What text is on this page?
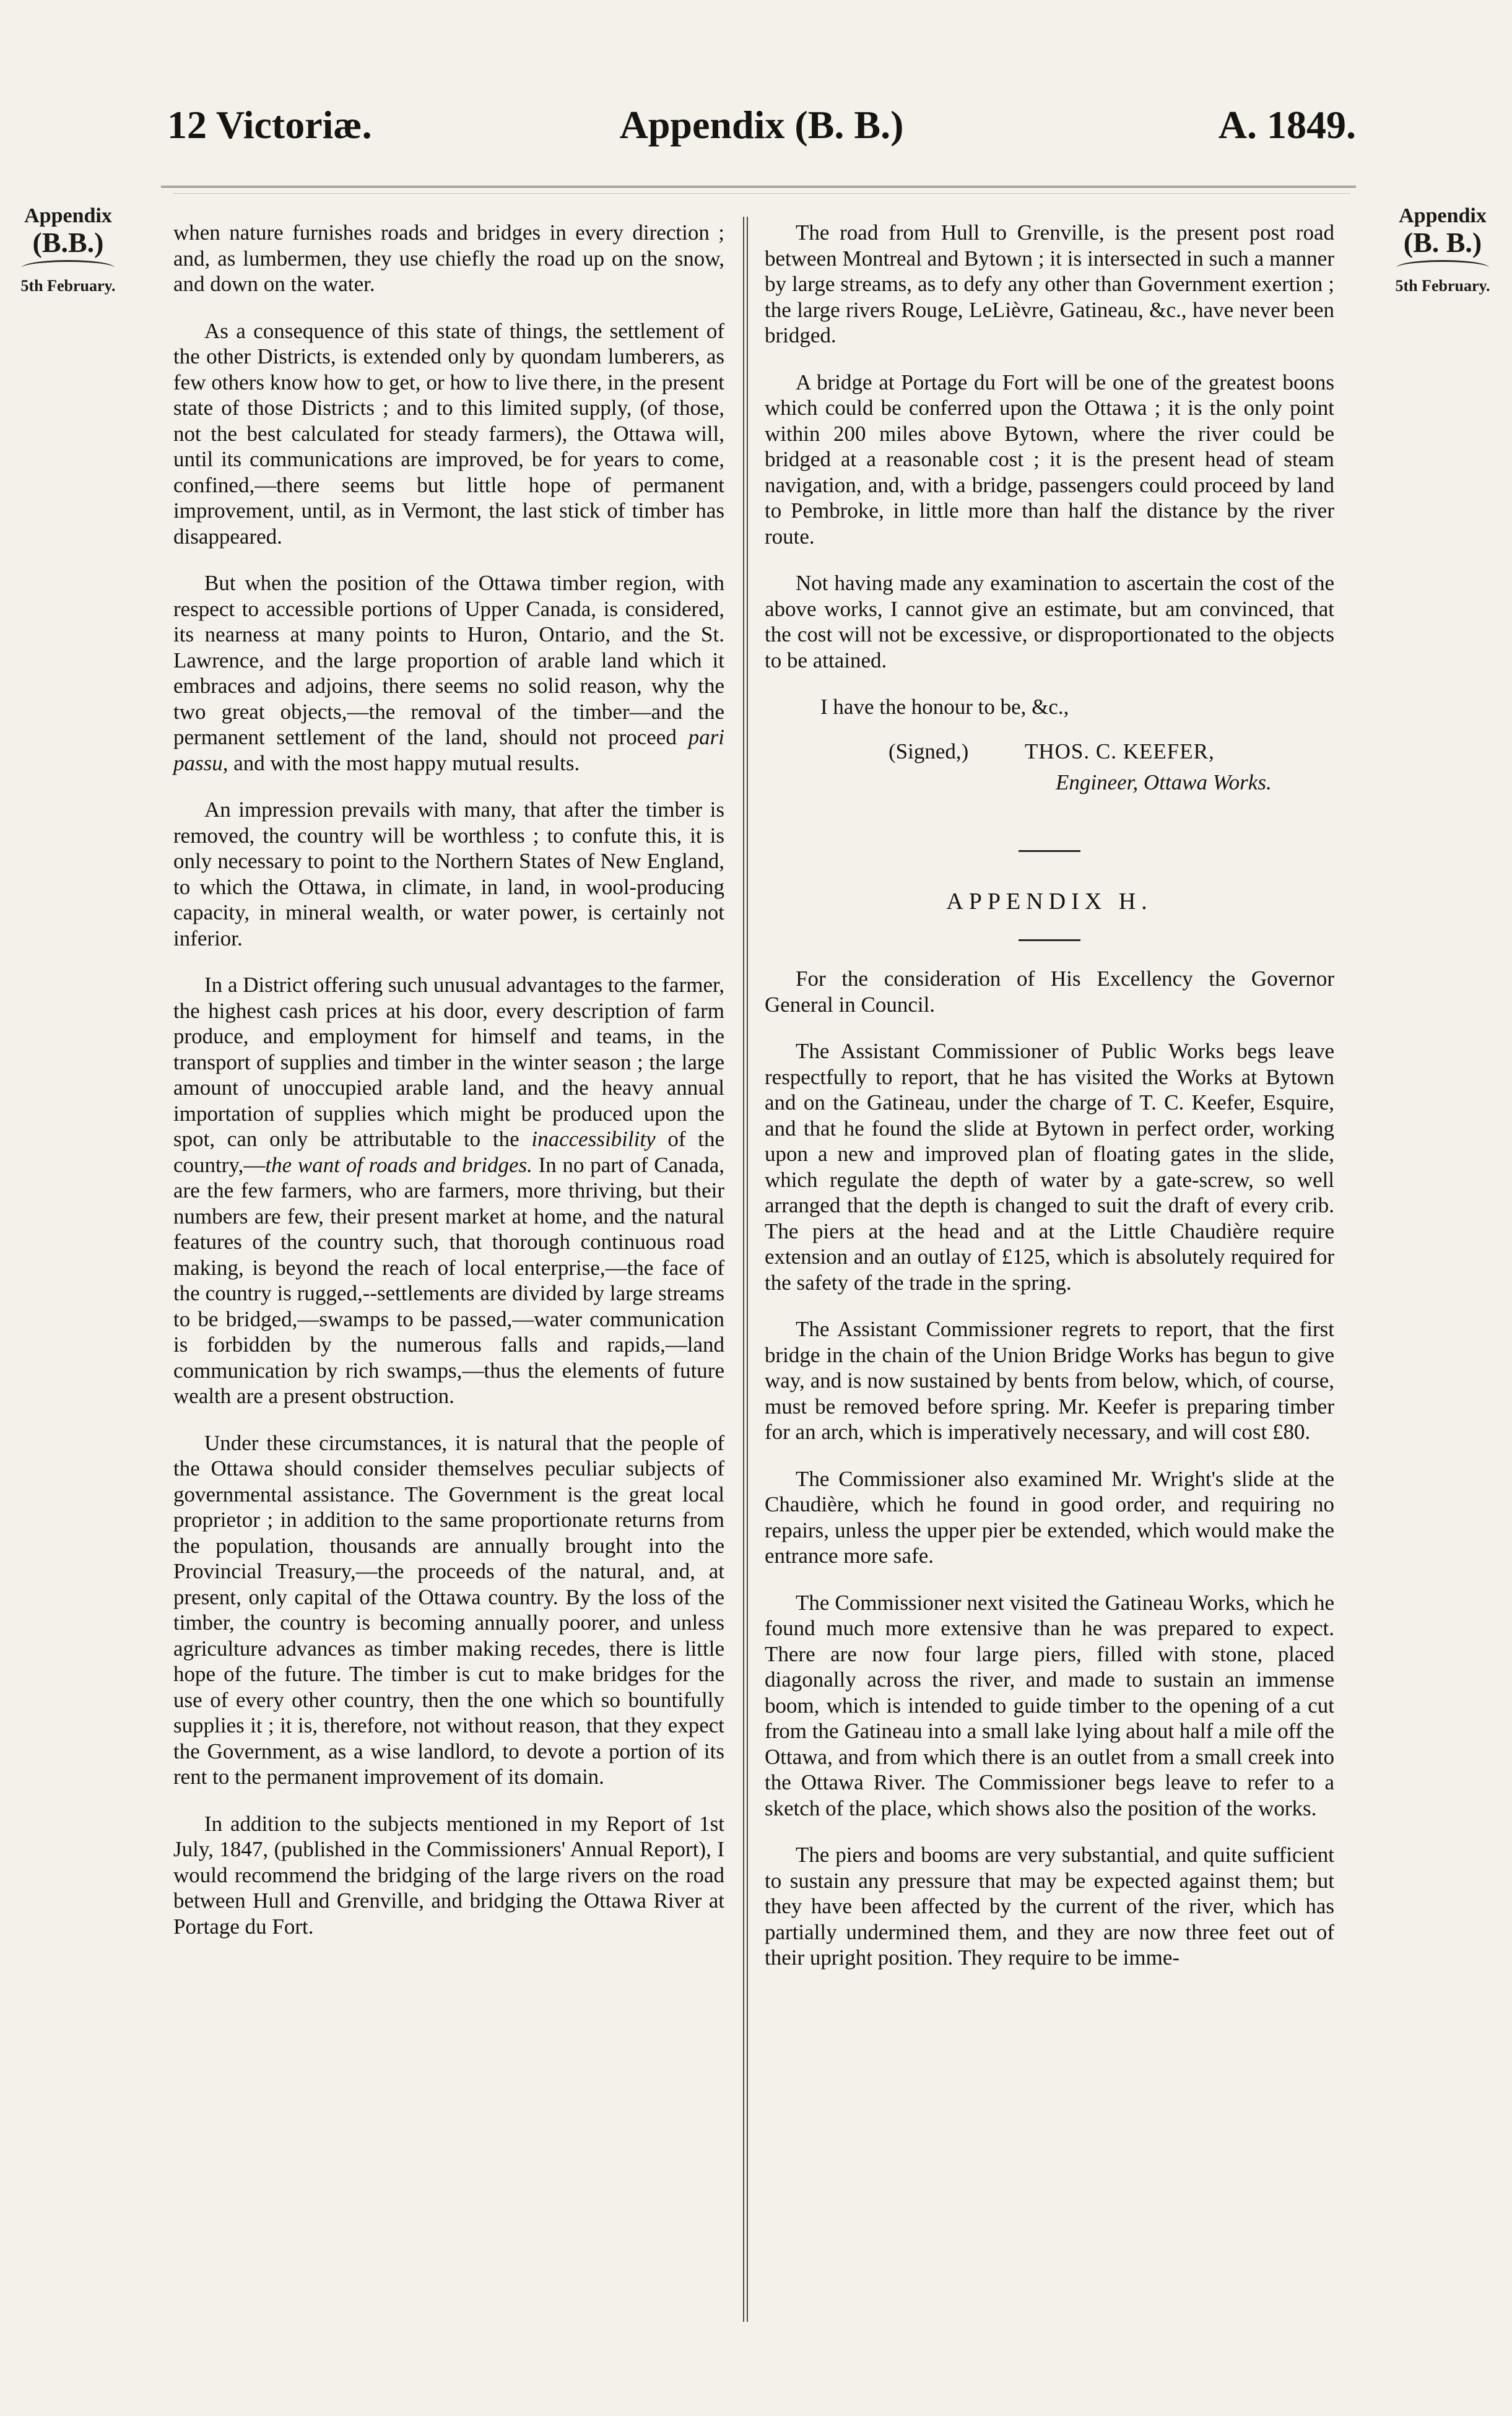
12 Victoriæ.	Appendix (B. B.)	A. 1849.
Appendix
(B.B.)
5th February.
Appendix
(B. B.)
5th February.

when nature furnishes roads and bridges in every direction ; and, as lumbermen, they use chiefly the road up on the snow, and down on the water.

As a consequence of this state of things, the settlement of the other Districts, is extended only by quondam lumberers, as few others know how to get, or how to live there, in the present state of those Districts ; and to this limited supply, (of those, not the best calculated for steady farmers), the Ottawa will, until its communications are improved, be for years to come, confined,—there seems but little hope of permanent improvement, until, as in Vermont, the last stick of timber has disappeared.

But when the position of the Ottawa timber region, with respect to accessible portions of Upper Canada, is considered, its nearness at many points to Huron, Ontario, and the St. Lawrence, and the large proportion of arable land which it embraces and adjoins, there seems no solid reason, why the two great objects,—the removal of the timber—and the permanent settlement of the land, should not proceed pari passu, and with the most happy mutual results.

An impression prevails with many, that after the timber is removed, the country will be worthless ; to confute this, it is only necessary to point to the Northern States of New England, to which the Ottawa, in climate, in land, in wool-producing capacity, in mineral wealth, or water power, is certainly not inferior.

In a District offering such unusual advantages to the farmer, the highest cash prices at his door, every description of farm produce, and employment for himself and teams, in the transport of supplies and timber in the winter season ; the large amount of unoccupied arable land, and the heavy annual importation of supplies which might be produced upon the spot, can only be attributable to the inaccessibility of the country,—the want of roads and bridges. In no part of Canada, are the few farmers, who are farmers, more thriving, but their numbers are few, their present market at home, and the natural features of the country such, that thorough continuous road making, is beyond the reach of local enterprise,—the face of the country is rugged,--settlements are divided by large streams to be bridged,—swamps to be passed,—water communication is forbidden by the numerous falls and rapids,—land communication by rich swamps,—thus the elements of future wealth are a present obstruction.

Under these circumstances, it is natural that the people of the Ottawa should consider themselves peculiar subjects of governmental assistance. The Government is the great local proprietor ; in addition to the same proportionate returns from the population, thousands are annually brought into the Provincial Treasury,—the proceeds of the natural, and, at present, only capital of the Ottawa country. By the loss of the timber, the country is becoming annually poorer, and unless agriculture advances as timber making recedes, there is little hope of the future. The timber is cut to make bridges for the use of every other country, then the one which so bountifully supplies it ; it is, therefore, not without reason, that they expect the Government, as a wise landlord, to devote a portion of its rent to the permanent improvement of its domain.

In addition to the subjects mentioned in my Report of 1st July, 1847, (published in the Commissioners' Annual Report), I would recommend the bridging of the large rivers on the road between Hull and Grenville, and bridging the Ottawa River at Portage du Fort.

The road from Hull to Grenville, is the present post road between Montreal and Bytown ; it is intersected in such a manner by large streams, as to defy any other than Government exertion ; the large rivers Rouge, LeLièvre, Gatineau, &c., have never been bridged.

A bridge at Portage du Fort will be one of the greatest boons which could be conferred upon the Ottawa ; it is the only point within 200 miles above Bytown, where the river could be bridged at a reasonable cost ; it is the present head of steam navigation, and, with a bridge, passengers could proceed by land to Pembroke, in little more than half the distance by the river route.

Not having made any examination to ascertain the cost of the above works, I cannot give an estimate, but am convinced, that the cost will not be excessive, or disproportionated to the objects to be attained.

I have the honour to be, &c.,

(Signed,)	THOS. C. KEEFER,
Engineer, Ottawa Works.
APPENDIX H.

For the consideration of His Excellency the Governor General in Council.

The Assistant Commissioner of Public Works begs leave respectfully to report, that he has visited the Works at Bytown and on the Gatineau, under the charge of T. C. Keefer, Esquire, and that he found the slide at Bytown in perfect order, working upon a new and improved plan of floating gates in the slide, which regulate the depth of water by a gate-screw, so well arranged that the depth is changed to suit the draft of every crib. The piers at the head and at the Little Chaudière require extension and an outlay of £125, which is absolutely required for the safety of the trade in the spring.

The Assistant Commissioner regrets to report, that the first bridge in the chain of the Union Bridge Works has begun to give way, and is now sustained by bents from below, which, of course, must be removed before spring. Mr. Keefer is preparing timber for an arch, which is imperatively necessary, and will cost £80.

The Commissioner also examined Mr. Wright's slide at the Chaudière, which he found in good order, and requiring no repairs, unless the upper pier be extended, which would make the entrance more safe.

The Commissioner next visited the Gatineau Works, which he found much more extensive than he was prepared to expect. There are now four large piers, filled with stone, placed diagonally across the river, and made to sustain an immense boom, which is intended to guide timber to the opening of a cut from the Gatineau into a small lake lying about half a mile off the Ottawa, and from which there is an outlet from a small creek into the Ottawa River. The Commissioner begs leave to refer to a sketch of the place, which shows also the position of the works.

The piers and booms are very substantial, and quite sufficient to sustain any pressure that may be expected against them; but they have been affected by the current of the river, which has partially undermined them, and they are now three feet out of their upright position. They require to be imme-
